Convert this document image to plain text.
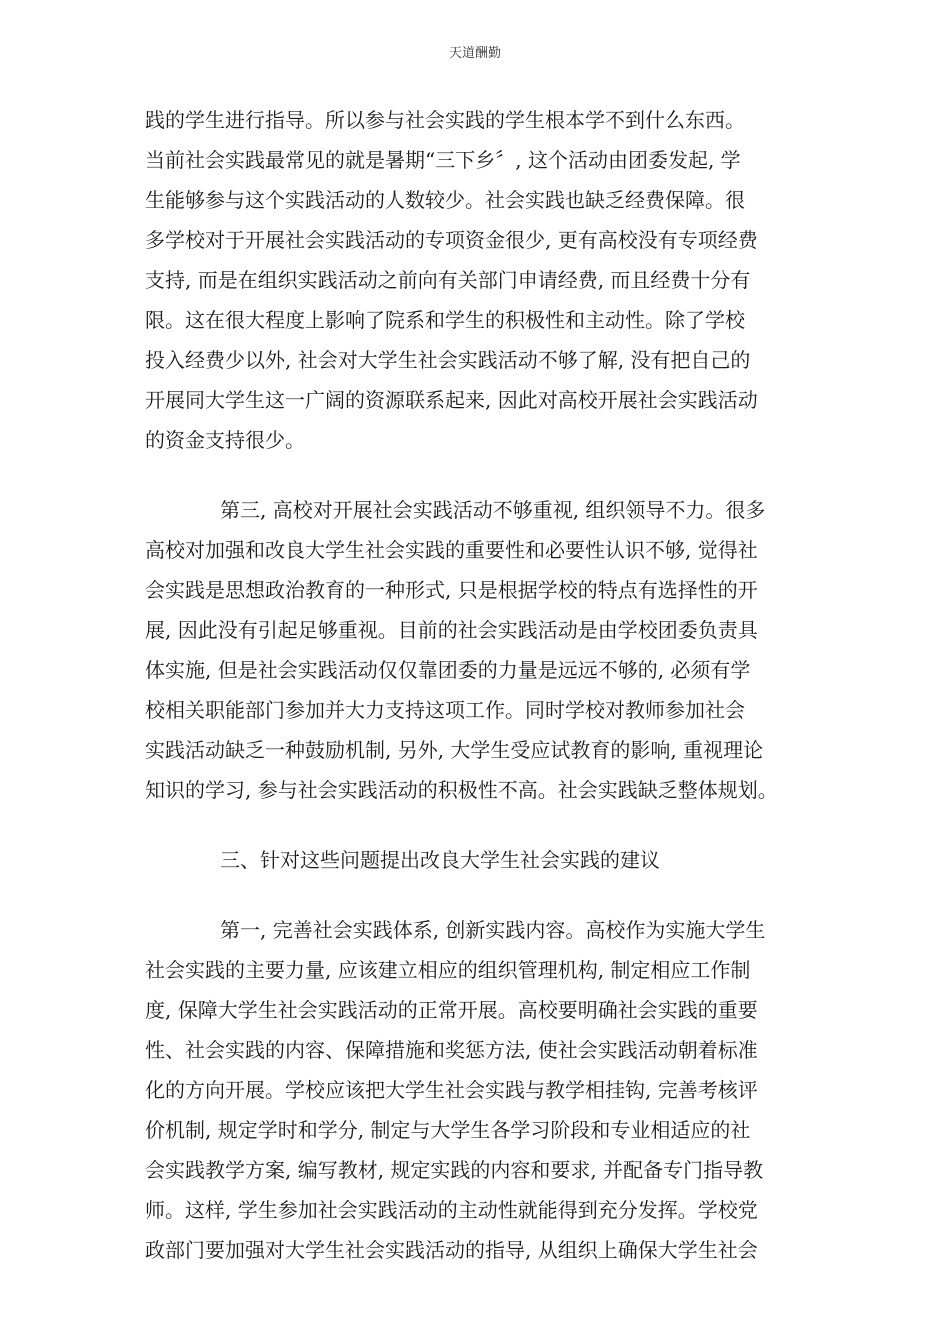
天道酬勤
践的学生进行指导。所以参与社会实践的学生根本学不到什么东西。
当前社会实践最常见的就是暑期“三下乡〞, 这个活动由团委发起, 学
生能够参与这个实践活动的人数较少。社会实践也缺乏经费保障。很
多学校对于开展社会实践活动的专项资金很少, 更有高校没有专项经费
支持, 而是在组织实践活动之前向有关部门申请经费, 而且经费十分有
限。这在很大程度上影响了院系和学生的积极性和主动性。除了学校
投入经费少以外, 社会对大学生社会实践活动不够了解, 没有把自己的
开展同大学生这一广阔的资源联系起来, 因此对高校开展社会实践活动
的资金支持很少。
第三, 高校对开展社会实践活动不够重视, 组织领导不力。很多
高校对加强和改良大学生社会实践的重要性和必要性认识不够, 觉得社
会实践是思想政治教育的一种形式, 只是根据学校的特点有选择性的开
展, 因此没有引起足够重视。目前的社会实践活动是由学校团委负责具
体实施, 但是社会实践活动仅仅靠团委的力量是远远不够的, 必须有学
校相关职能部门参加并大力支持这项工作。同时学校对教师参加社会
实践活动缺乏一种鼓励机制, 另外, 大学生受应试教育的影响, 重视理论
知识的学习, 参与社会实践活动的积极性不高。社会实践缺乏整体规划。
三、针对这些问题提出改良大学生社会实践的建议
第一, 完善社会实践体系, 创新实践内容。高校作为实施大学生
社会实践的主要力量, 应该建立相应的组织管理机构, 制定相应工作制
度, 保障大学生社会实践活动的正常开展。高校要明确社会实践的重要
性、社会实践的内容、保障措施和奖惩方法, 使社会实践活动朝着标准
化的方向开展。学校应该把大学生社会实践与教学相挂钩, 完善考核评
价机制, 规定学时和学分, 制定与大学生各学习阶段和专业相适应的社
会实践教学方案, 编写教材, 规定实践的内容和要求, 并配备专门指导教
师。这样, 学生参加社会实践活动的主动性就能得到充分发挥。学校党
政部门要加强对大学生社会实践活动的指导, 从组织上确保大学生社会
